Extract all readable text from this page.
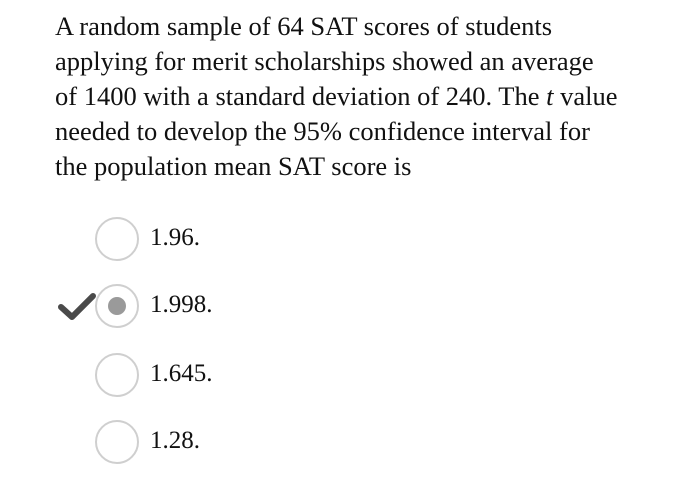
A random sample of 64 SAT scores of students
applying for merit scholarships showed an average
of 1400 with a standard deviation of 240. The t value
needed to develop the 95% confidence interval for
the population mean SAT score is

1.96.
1.998.
1.645.
1.28.
